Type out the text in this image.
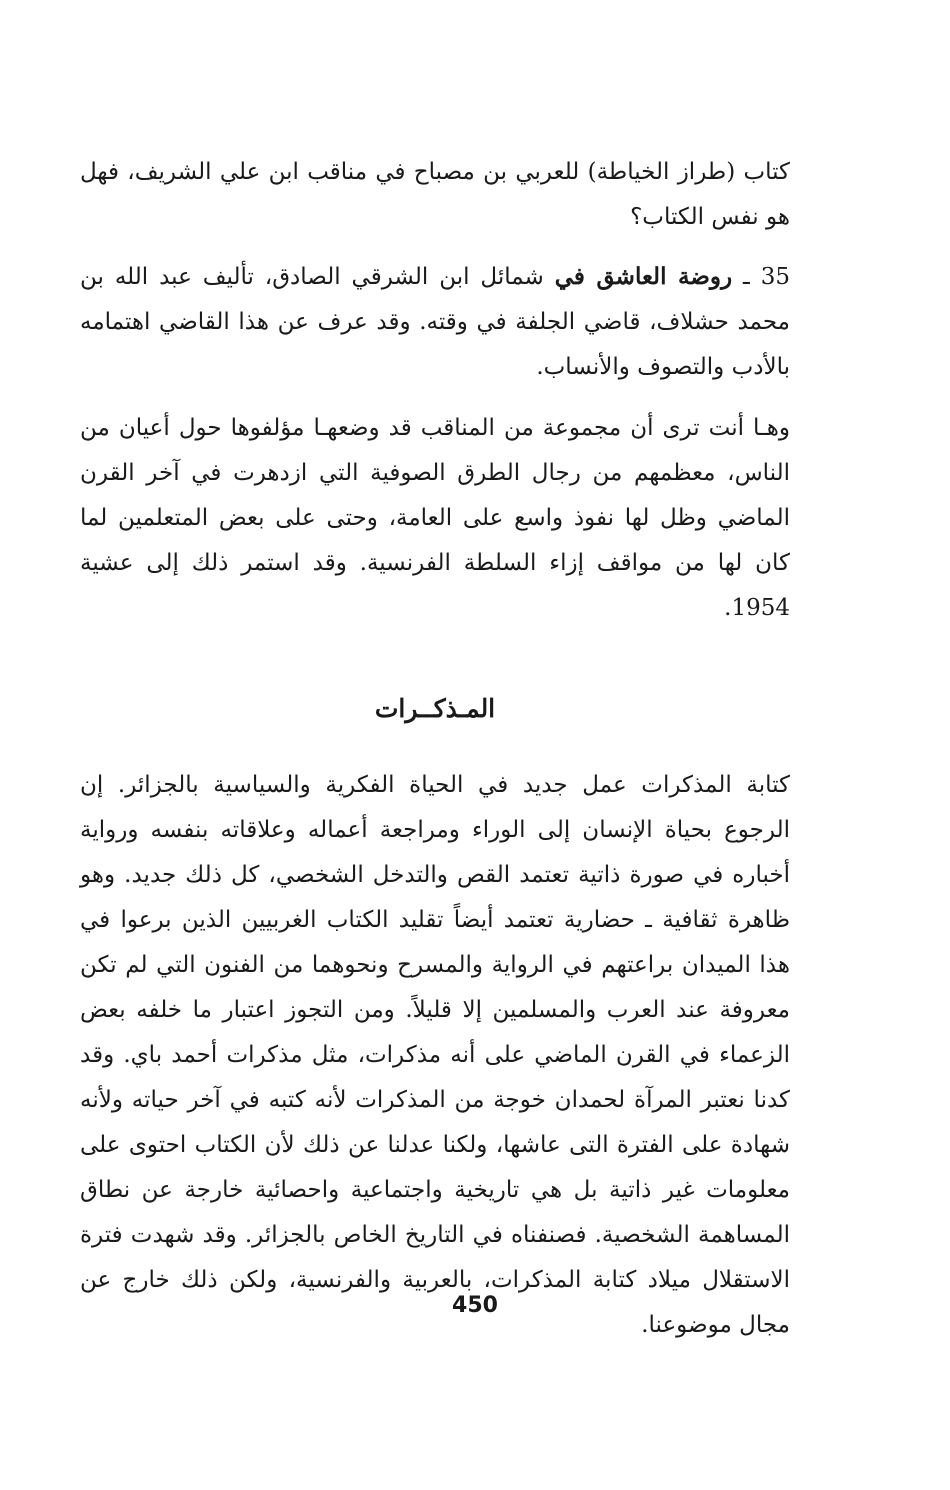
كتاب (طراز الخياطة) للعربي بن مصباح في مناقب ابن علي الشريف، فهل هو نفس الكتاب؟

35 ـ روضة العاشق في شمائل ابن الشرقي الصادق، تأليف عبد الله بن محمد حشلاف، قاضي الجلفة في وقته. وقد عرف عن هذا القاضي اهتمامه بالأدب والتصوف والأنساب.

وهـا أنت ترى أن مجموعة من المناقب قد وضعهـا مؤلفوها حول أعيان من الناس، معظمهم من رجال الطرق الصوفية التي ازدهرت في آخر القرن الماضي وظل لها نفوذ واسع على العامة، وحتى على بعض المتعلمين لما كان لها من مواقف إزاء السلطة الفرنسية. وقد استمر ذلك إلى عشية 1954.

المـذكــرات

كتابة المذكرات عمل جديد في الحياة الفكرية والسياسية بالجزائر. إن الرجوع بحياة الإنسان إلى الوراء ومراجعة أعماله وعلاقاته بنفسه ورواية أخباره في صورة ذاتية تعتمد القص والتدخل الشخصي، كل ذلك جديد. وهو ظاهرة ثقافية ـ حضارية تعتمد أيضاً تقليد الكتاب الغربيين الذين برعوا في هذا الميدان براعتهم في الرواية والمسرح ونحوهما من الفنون التي لم تكن معروفة عند العرب والمسلمين إلا قليلاً. ومن التجوز اعتبار ما خلفه بعض الزعماء في القرن الماضي على أنه مذكرات، مثل مذكرات أحمد باي. وقد كدنا نعتبر المرآة لحمدان خوجة من المذكرات لأنه كتبه في آخر حياته ولأنه شهادة على الفترة التى عاشها، ولكنا عدلنا عن ذلك لأن الكتاب احتوى على معلومات غير ذاتية بل هي تاريخية واجتماعية واحصائية خارجة عن نطاق المساهمة الشخصية. فصنفناه في التاريخ الخاص بالجزائر. وقد شهدت فترة الاستقلال ميلاد كتابة المذكرات، بالعربية والفرنسية، ولكن ذلك خارج عن مجال موضوعنا.

450
